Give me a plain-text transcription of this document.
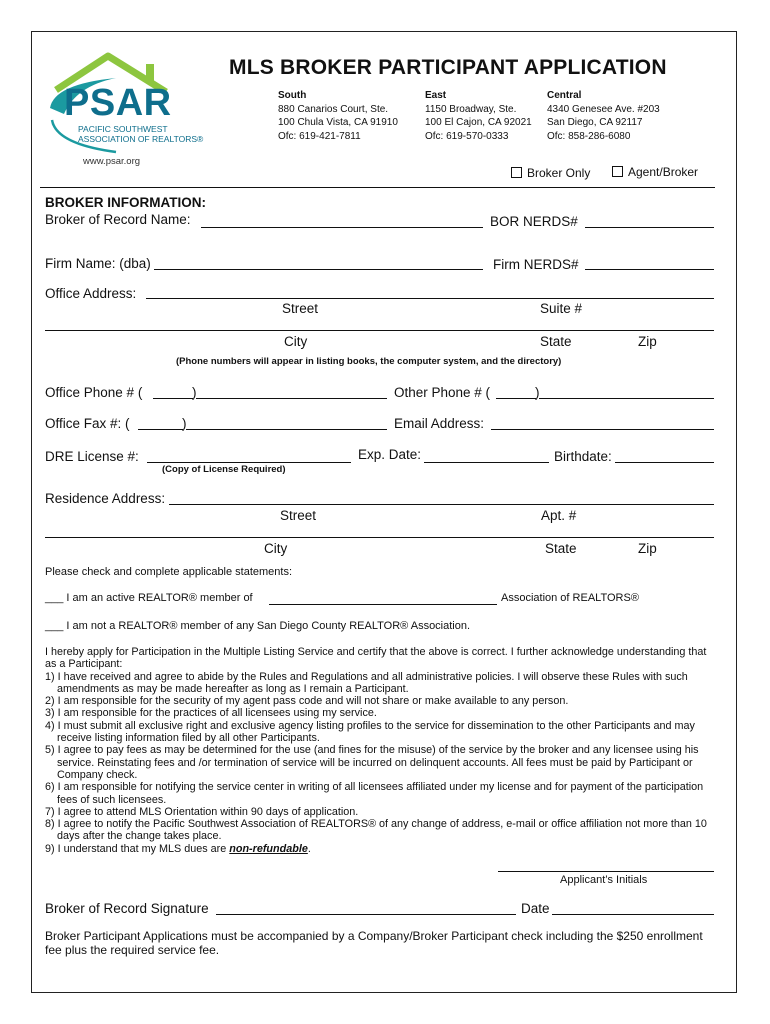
PSAR
PACIFIC SOUTHWEST
ASSOCIATION OF REALTORS®
www.psar.org
MLS BROKER PARTICIPANT APPLICATION
South
880 Canarios Court, Ste.
100 Chula Vista, CA 91910
Ofc: 619-421-7811
East
1150 Broadway, Ste.
100 El Cajon, CA 92021
Ofc: 619-570-0333
Central
4340 Genesee Ave. #203
San Diego, CA 92117
Ofc: 858-286-6080
Broker Only	Agent/Broker
BROKER INFORMATION:
Broker of Record Name:	BOR NERDS#
Firm Name: (dba)	Firm NERDS#
Office Address:
Street	Suite #
City	State	Zip
(Phone numbers will appear in listing books, the computer system, and the directory)
Office Phone # (	)	Other Phone # (	)
Office Fax #: (	)	Email Address:
DRE License #:	Exp. Date:	Birthdate:
(Copy of License Required)
Residence Address:
Street	Apt. #
City	State	Zip
Please check and complete applicable statements:
___ I am an active REALTOR® member of	Association of REALTORS®
___ I am not a REALTOR® member of any San Diego County REALTOR® Association.

I hereby apply for Participation in the Multiple Listing Service and certify that the above is correct. I further acknowledge understanding that as a Participant:

1) I have received and agree to abide by the Rules and Regulations and all administrative policies. I will observe these Rules with such amendments as may be made hereafter as long as I remain a Participant.

2) I am responsible for the security of my agent pass code and will not share or make available to any person.

3) I am responsible for the practices of all licensees using my service.

4) I must submit all exclusive right and exclusive agency listing profiles to the service for dissemination to the other Participants and may receive listing information filed by all other Participants.

5) I agree to pay fees as may be determined for the use (and fines for the misuse) of the service by the broker and any licensee using his service. Reinstating fees and /or termination of service will be incurred on delinquent accounts. All fees must be paid by Participant or Company check.

6) I am responsible for notifying the service center in writing of all licensees affiliated under my license and for payment of the participation fees of such licensees.

7) I agree to attend MLS Orientation within 90 days of application.

8) I agree to notify the Pacific Southwest Association of REALTORS® of any change of address, e-mail or office affiliation not more than 10 days after the change takes place.

9) I understand that my MLS dues are non-refundable.

Applicant’s Initials
Broker of Record Signature	Date
Broker Participant Applications must be accompanied by a Company/Broker Participant check including the $250 enrollment fee plus the required service fee.
